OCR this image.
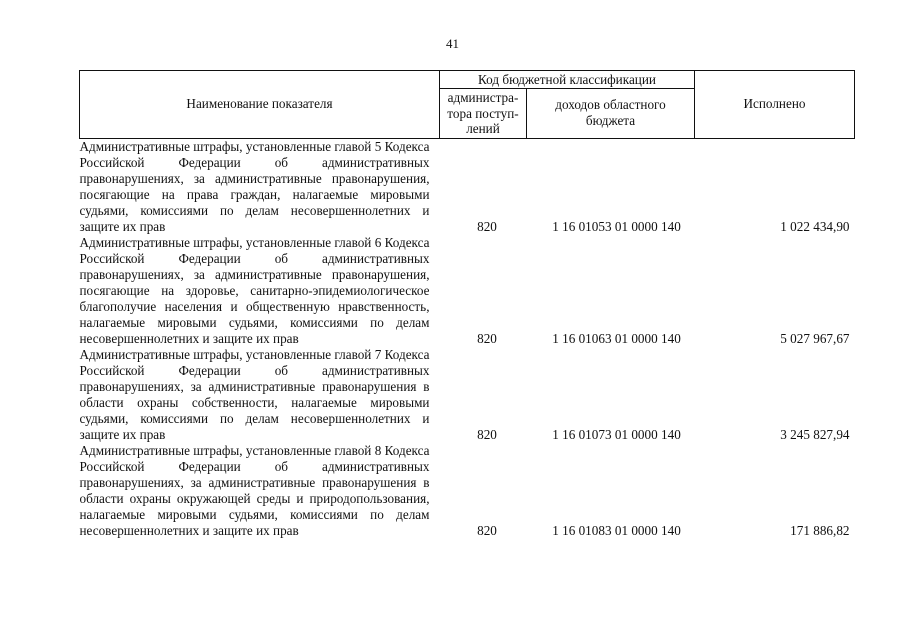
41
Наименование показателя	Код бюджетной классификации		Исполнено
	администра-тора поступ-лений	доходов областного бюджета	
Административные штрафы, установленные главой 5 Кодекса Российской Федерации об административных правонарушениях, за административные правонарушения, посягающие на права граждан, налагаемые мировыми судьями, комиссиями по делам несовершеннолетних и защите их прав	820	1 16 01053 01 0000 140	1 022 434,90
Административные штрафы, установленные главой 6 Кодекса Российской Федерации об административных правонарушениях, за административные правонарушения, посягающие на здоровье, санитарно-эпидемиологическое благополучие населения и общественную нравственность, налагаемые мировыми судьями, комиссиями по делам несовершеннолетних и защите их прав	820	1 16 01063 01 0000 140	5 027 967,67
Административные штрафы, установленные главой 7 Кодекса Российской Федерации об административных правонарушениях, за административные правонарушения в области охраны собственности, налагаемые мировыми судьями, комиссиями по делам несовершеннолетних и защите их прав	820	1 16 01073 01 0000 140	3 245 827,94
Административные штрафы, установленные главой 8 Кодекса Российской Федерации об административных правонарушениях, за административные правонарушения в области охраны окружающей среды и природопользования, налагаемые мировыми судьями, комиссиями по делам несовершеннолетних и защите их прав	820	1 16 01083 01 0000 140	171 886,82
